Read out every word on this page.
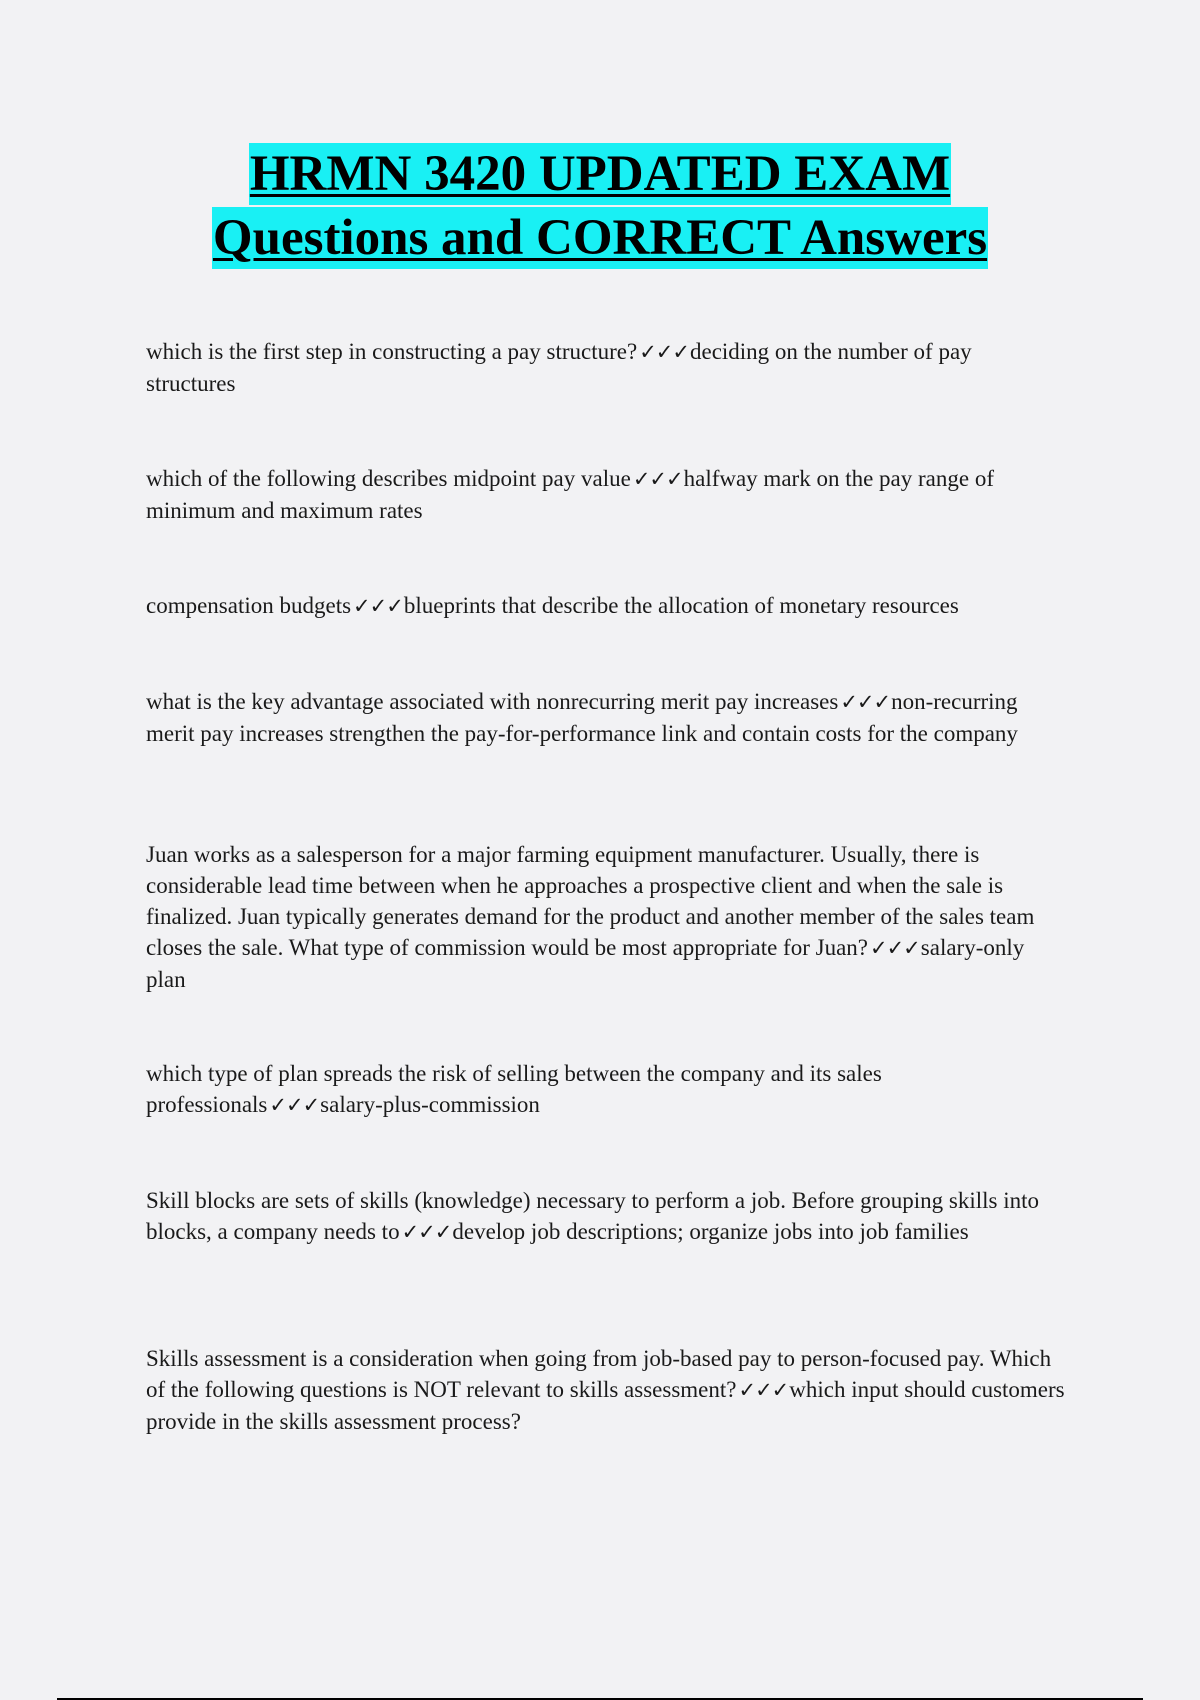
HRMN 3420 UPDATED EXAM
Questions and CORRECT Answers

which is the first step in constructing a pay structure?✓✓✓deciding on the number of pay structures

which of the following describes midpoint pay value✓✓✓halfway mark on the pay range of minimum and maximum rates

compensation budgets✓✓✓blueprints that describe the allocation of monetary resources

what is the key advantage associated with nonrecurring merit pay increases✓✓✓non-recurring merit pay increases strengthen the pay-for-performance link and contain costs for the company

Juan works as a salesperson for a major farming equipment manufacturer. Usually, there is considerable lead time between when he approaches a prospective client and when the sale is finalized. Juan typically generates demand for the product and another member of the sales team closes the sale. What type of commission would be most appropriate for Juan?✓✓✓salary-only plan

which type of plan spreads the risk of selling between the company and its sales professionals✓✓✓salary-plus-commission

Skill blocks are sets of skills (knowledge) necessary to perform a job. Before grouping skills into blocks, a company needs to✓✓✓develop job descriptions; organize jobs into job families

Skills assessment is a consideration when going from job-based pay to person-focused pay. Which of the following questions is NOT relevant to skills assessment?✓✓✓which input should customers provide in the skills assessment process?
